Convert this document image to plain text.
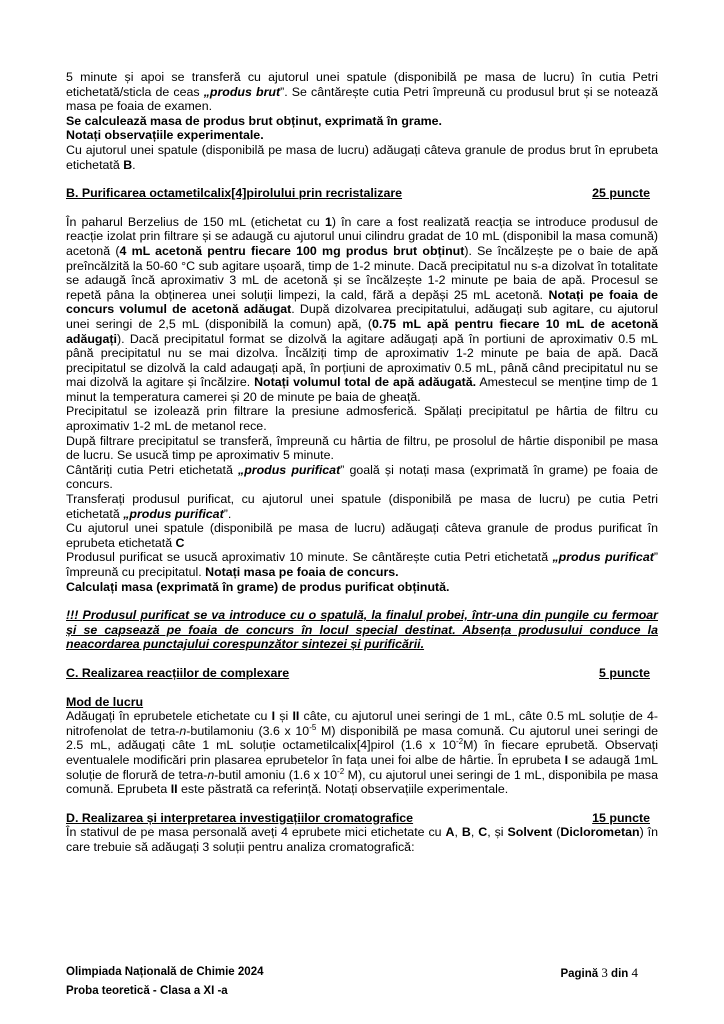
5 minute și apoi se transferă cu ajutorul unei spatule (disponibilă pe masa de lucru) în cutia Petri etichetată/sticla de ceas „produs brut”. Se cântărește cutia Petri împreună cu produsul brut și se notează masa pe foaia de examen.

Se calculează masa de produs brut obținut, exprimată în grame.

Notați observațiile experimentale.

Cu ajutorul unei spatule (disponibilă pe masa de lucru) adăugați câteva granule de produs brut în eprubeta etichetată B.

B. Purificarea octametilcalix[4]pirolului prin recristalizare	25 puncte

În paharul Berzelius de 150 mL (etichetat cu 1) în care a fost realizată reacția se introduce produsul de reacție izolat prin filtrare și se adaugă cu ajutorul unui cilindru gradat de 10 mL (disponibil la masa comună) acetonă (4 mL acetonă pentru fiecare 100 mg produs brut obținut). Se încălzește pe o baie de apă preîncălzită la 50-60 °C sub agitare ușoară, timp de 1-2 minute. Dacă precipitatul nu s-a dizolvat în totalitate se adaugă încă aproximativ 3 mL de acetonă și se încălzește 1-2 minute pe baia de apă. Procesul se repetă pâna la obținerea unei soluții limpezi, la cald, fără a depăși 25 mL acetonă. Notați pe foaia de concurs volumul de acetonă adăugat. După dizolvarea precipitatului, adăugați sub agitare, cu ajutorul unei seringi de 2,5 mL (disponibilă la comun) apă, (0.75 mL apă pentru fiecare 10 mL de acetonă adăugați). Dacă precipitatul format se dizolvă la agitare adăugați apă în portiuni de aproximativ 0.5 mL până precipitatul nu se mai dizolva. Încălziți timp de aproximativ 1-2 minute pe baia de apă. Dacă precipitatul se dizolvă la cald adaugați apă, în porțiuni de aproximativ 0.5 mL, până când precipitatul nu se mai dizolvă la agitare și încălzire. Notați volumul total de apă adăugată. Amestecul se menține timp de 1 minut la temperatura camerei și 20 de minute pe baia de gheață.

Precipitatul se izolează prin filtrare la presiune admosferică. Spălați precipitatul pe hârtia de filtru cu aproximativ 1-2 mL de metanol rece.

După filtrare precipitatul se transferă, împreună cu hârtia de filtru, pe prosolul de hârtie disponibil pe masa de lucru. Se usucă timp pe aproximativ 5 minute.

Cântăriți cutia Petri etichetată „produs purificat” goală și notați masa (exprimată în grame) pe foaia de concurs.

Transferați produsul purificat, cu ajutorul unei spatule (disponibilă pe masa de lucru) pe cutia Petri etichetată „produs purificat”.

Cu ajutorul unei spatule (disponibilă pe masa de lucru) adăugați câteva granule de produs purificat în eprubeta etichetată C

Produsul purificat se usucă aproximativ 10 minute. Se cântărește cutia Petri etichetată „produs purificat” împreună cu precipitatul. Notați masa pe foaia de concurs.

Calculați masa (exprimată în grame) de produs purificat obținută.

!!! Produsul purificat se va introduce cu o spatulă, la finalul probei, într-una din pungile cu fermoar și se capsează pe foaia de concurs în locul special destinat. Absența produsului conduce la neacordarea punctajului corespunzător sintezei și purificării.

C. Realizarea reacțiilor de complexare	5 puncte

Mod de lucru

Adăugați în eprubetele etichetate cu I și II câte, cu ajutorul unei seringi de 1 mL, câte 0.5 mL soluție de 4-nitrofenolat de tetra-n-butilamoniu (3.6 x $10^{-5}$ M) disponibilă pe masa comună. Cu ajutorul unei seringi de 2.5 mL, adăugați câte 1 mL soluție octametilcalix[4]pirol (1.6 x $10^{-2}M$) în fiecare eprubetă. Observați eventualele modificări prin plasarea eprubetelor în fața unei foi albe de hârtie. În eprubeta I se adaugă 1mL soluție de florură de tetra-n-butil amoniu (1.6 x $10^{-2}$ M), cu ajutorul unei seringi de 1 mL, disponibila pe masa comună. Eprubeta II este păstrată ca referință. Notați observațiile experimentale.

D. Realizarea și interpretarea investigațiilor cromatografice	15 puncte

În stativul de pe masa personală aveți 4 eprubete mici etichetate cu A, B, C, și Solvent (Diclorometan) în care trebuie să adăugați 3 soluții pentru analiza cromatografică:

Olimpiada Națională de Chimie 2024	Pagină 3 din 4
Proba teoretică - Clasa a XI -a
